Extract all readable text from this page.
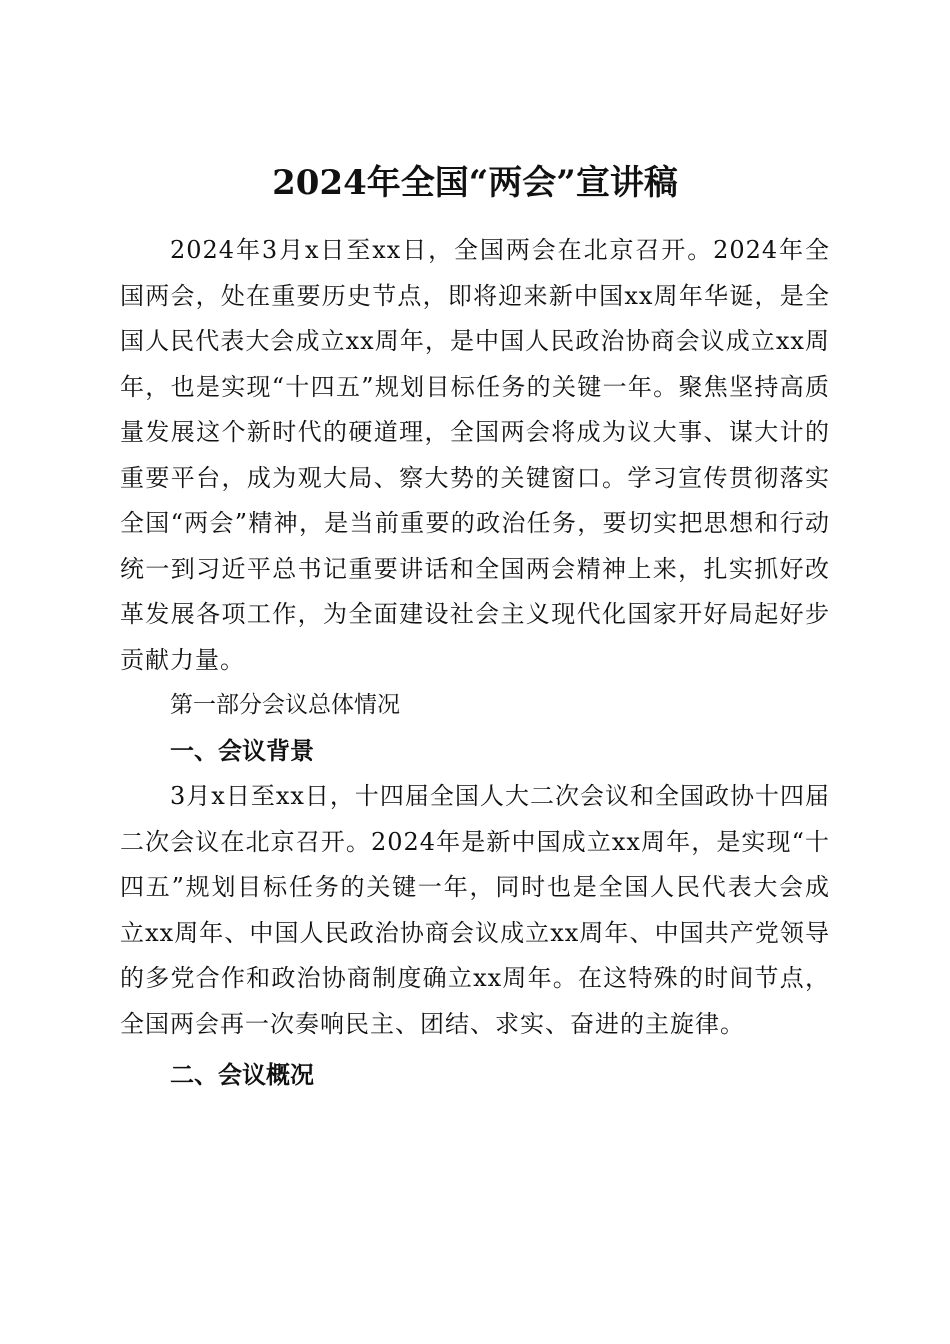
2024年全国“两会”宣讲稿

2024年3月x日至xx日，全国两会在北京召开。2024年全国两会，处在重要历史节点，即将迎来新中国xx周年华诞，是全国人民代表大会成立xx周年，是中国人民政治协商会议成立xx周年，也是实现“十四五”规划目标任务的关键一年。聚焦坚持高质量发展这个新时代的硬道理，全国两会将成为议大事、谋大计的重要平台，成为观大局、察大势的关键窗口。学习宣传贯彻落实全国“两会”精神，是当前重要的政治任务，要切实把思想和行动统一到习近平总书记重要讲话和全国两会精神上来，扎实抓好改革发展各项工作，为全面建设社会主义现代化国家开好局起好步贡献力量。

第一部分会议总体情况

一、会议背景

3月x日至xx日，十四届全国人大二次会议和全国政协十四届二次会议在北京召开。2024年是新中国成立xx周年，是实现“十四五”规划目标任务的关键一年，同时也是全国人民代表大会成立xx周年、中国人民政治协商会议成立xx周年、中国共产党领导的多党合作和政治协商制度确立xx周年。在这特殊的时间节点，全国两会再一次奏响民主、团结、求实、奋进的主旋律。

二、会议概况
